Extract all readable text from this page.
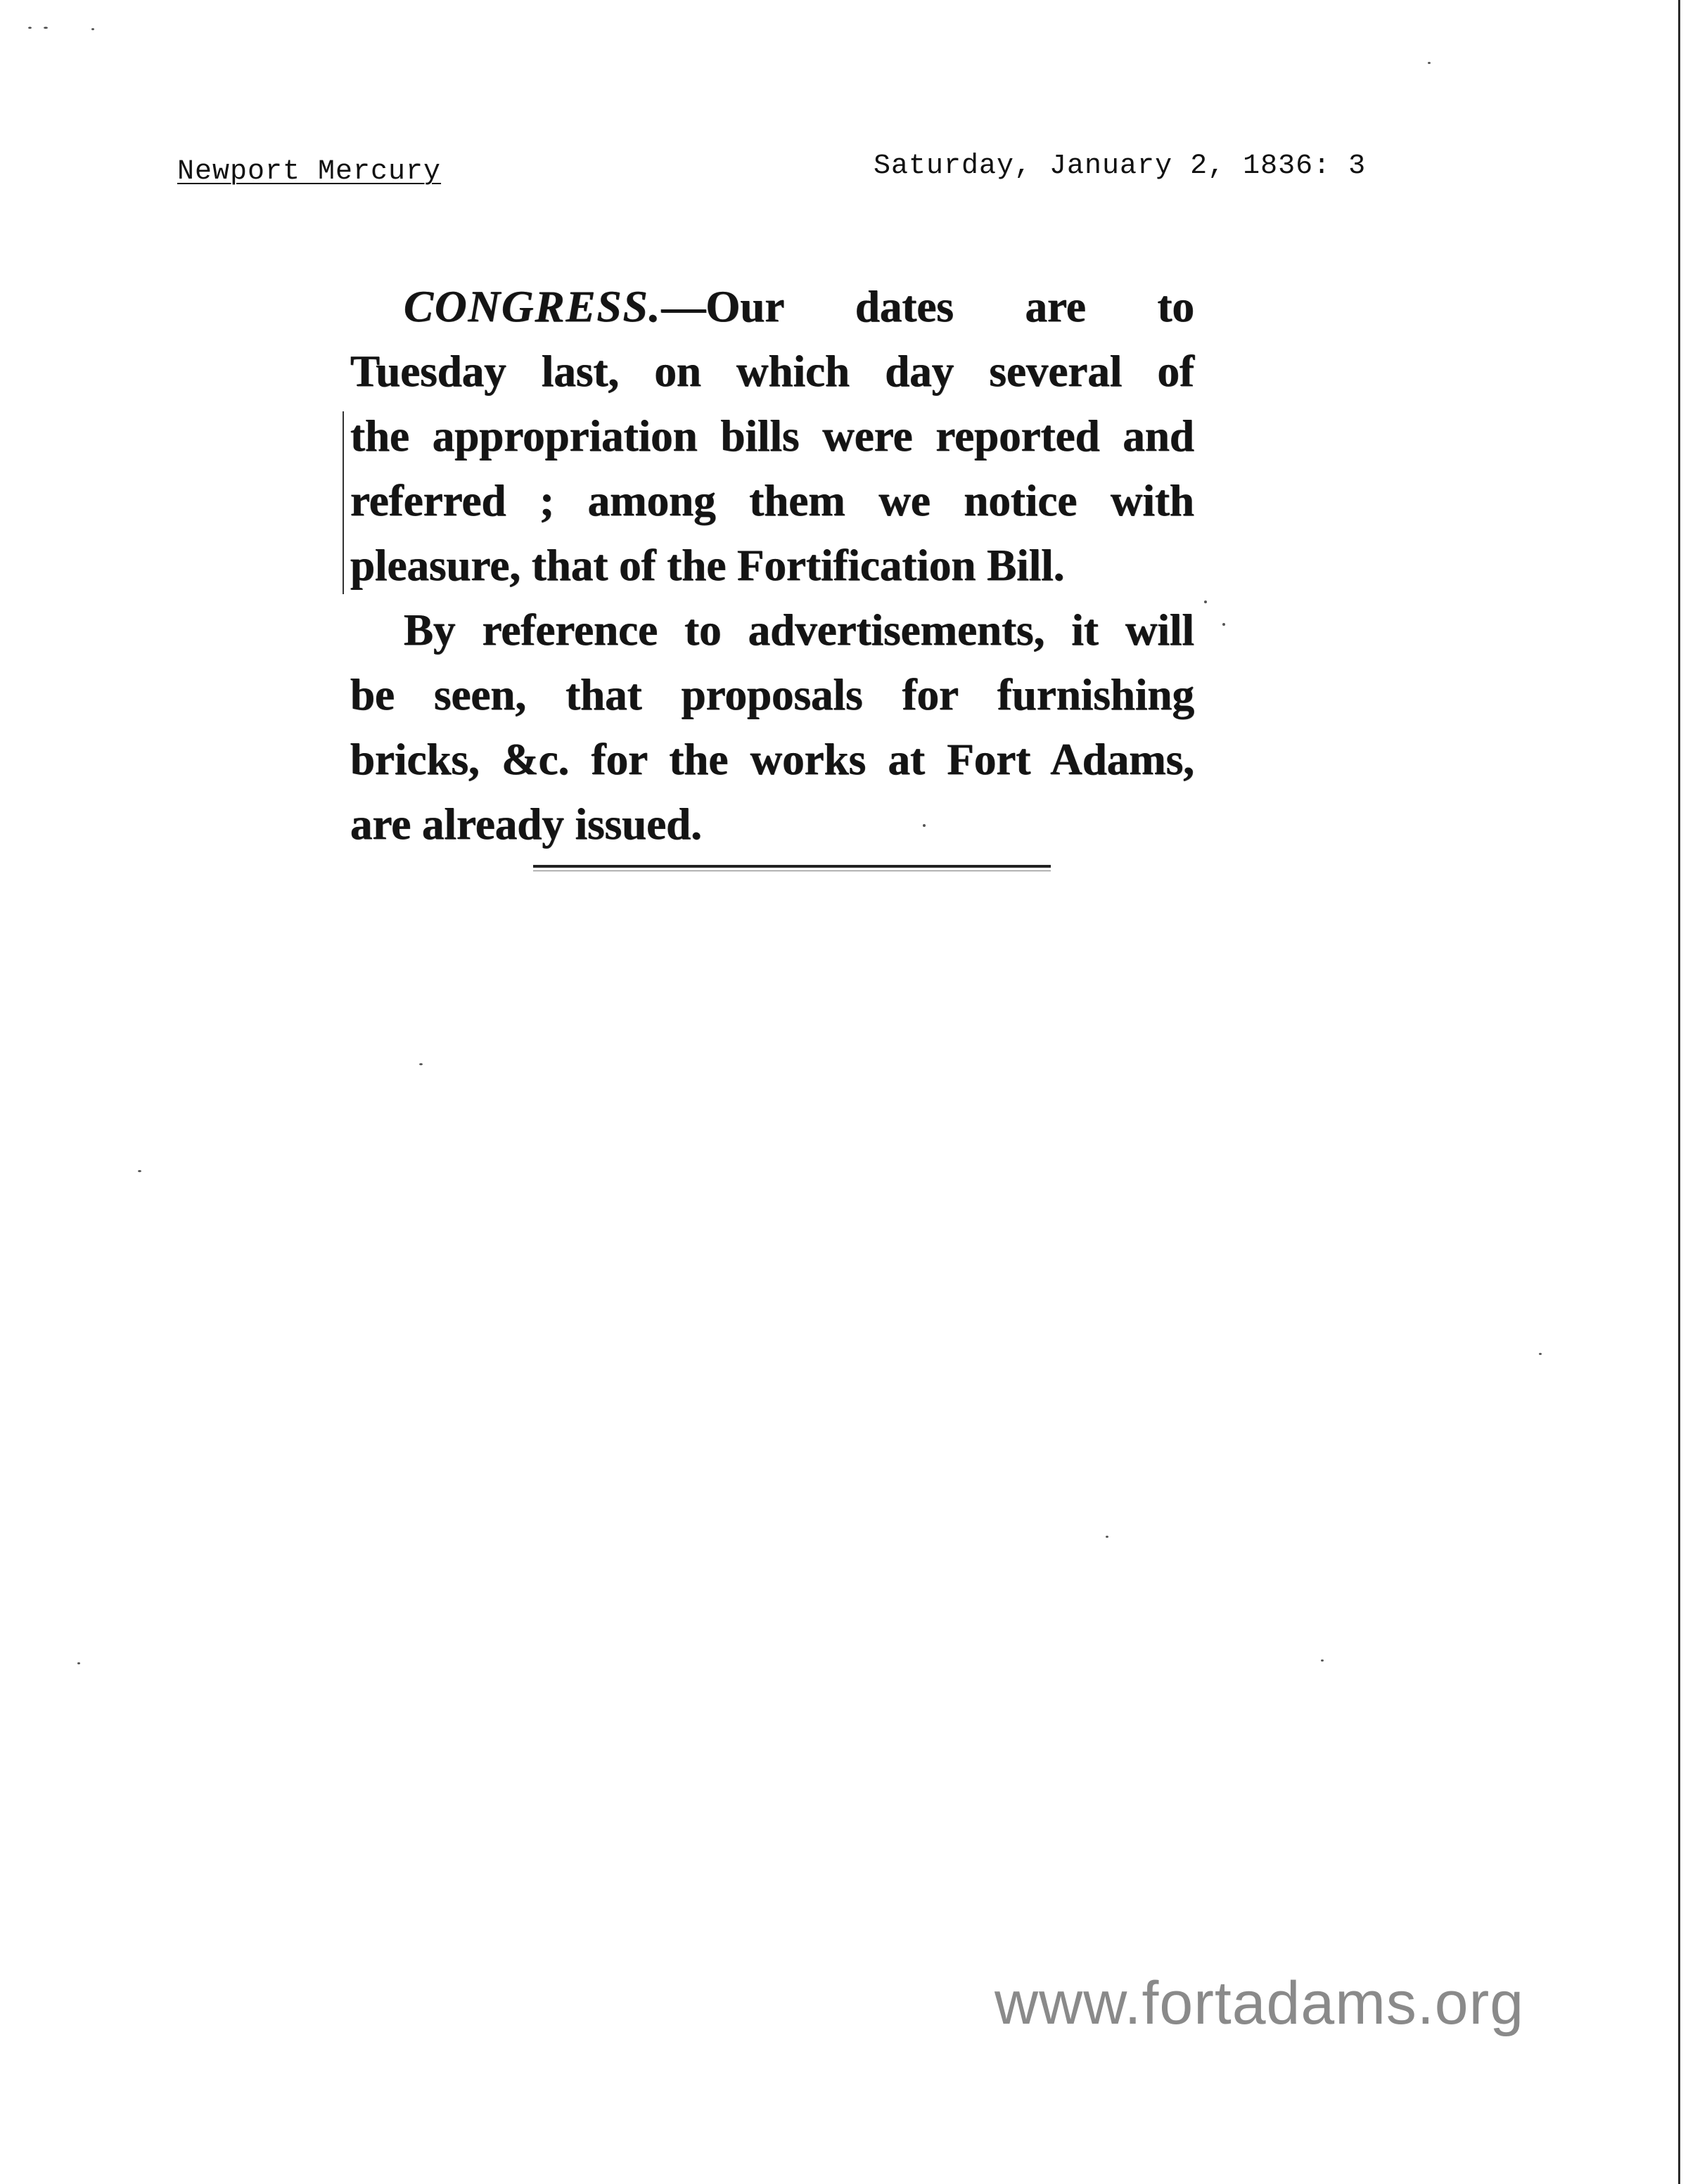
Newport Mercury	Saturday, January 2, 1836: 3
CONGRESS.—Our dates are to
Tuesday last, on which day several of
the appropriation bills were reported and
referred ; among them we notice with
pleasure, that of the Fortification Bill.
By reference to advertisements, it will
be seen, that proposals for furnishing
bricks, &c. for the works at Fort Adams,
are already issued.
www.fortadams.org
